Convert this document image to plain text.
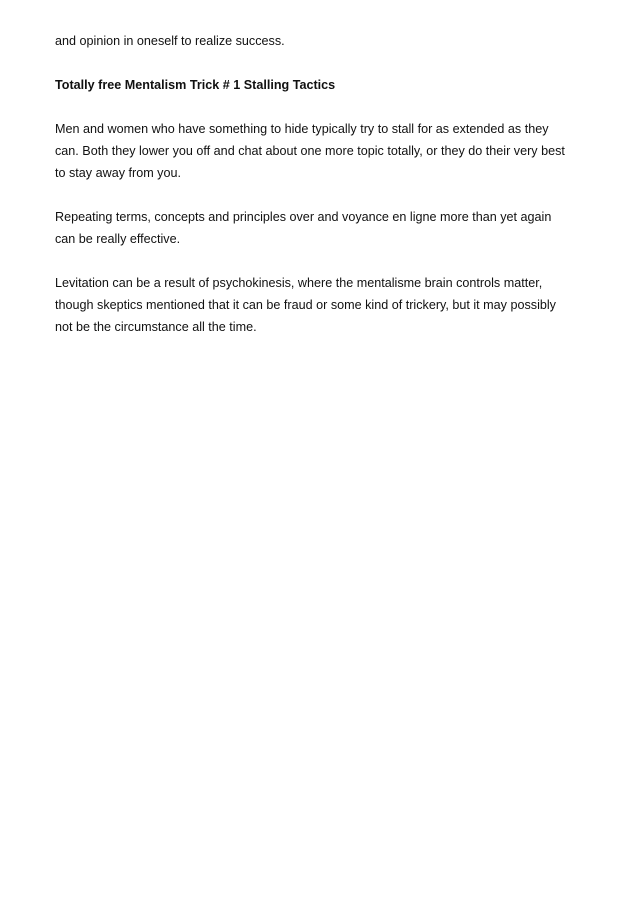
and opinion in oneself to realize success.

Totally free Mentalism Trick # 1 Stalling Tactics

Men and women who have something to hide typically try to stall for as extended as they
can. Both they lower you off and chat about one more topic totally, or they do their very best
to stay away from you.

Repeating terms, concepts and principles over and voyance en ligne more than yet again
can be really effective.

Levitation can be a result of psychokinesis, where the mentalisme brain controls matter,
though skeptics mentioned that it can be fraud or some kind of trickery, but it may possibly
not be the circumstance all the time.
